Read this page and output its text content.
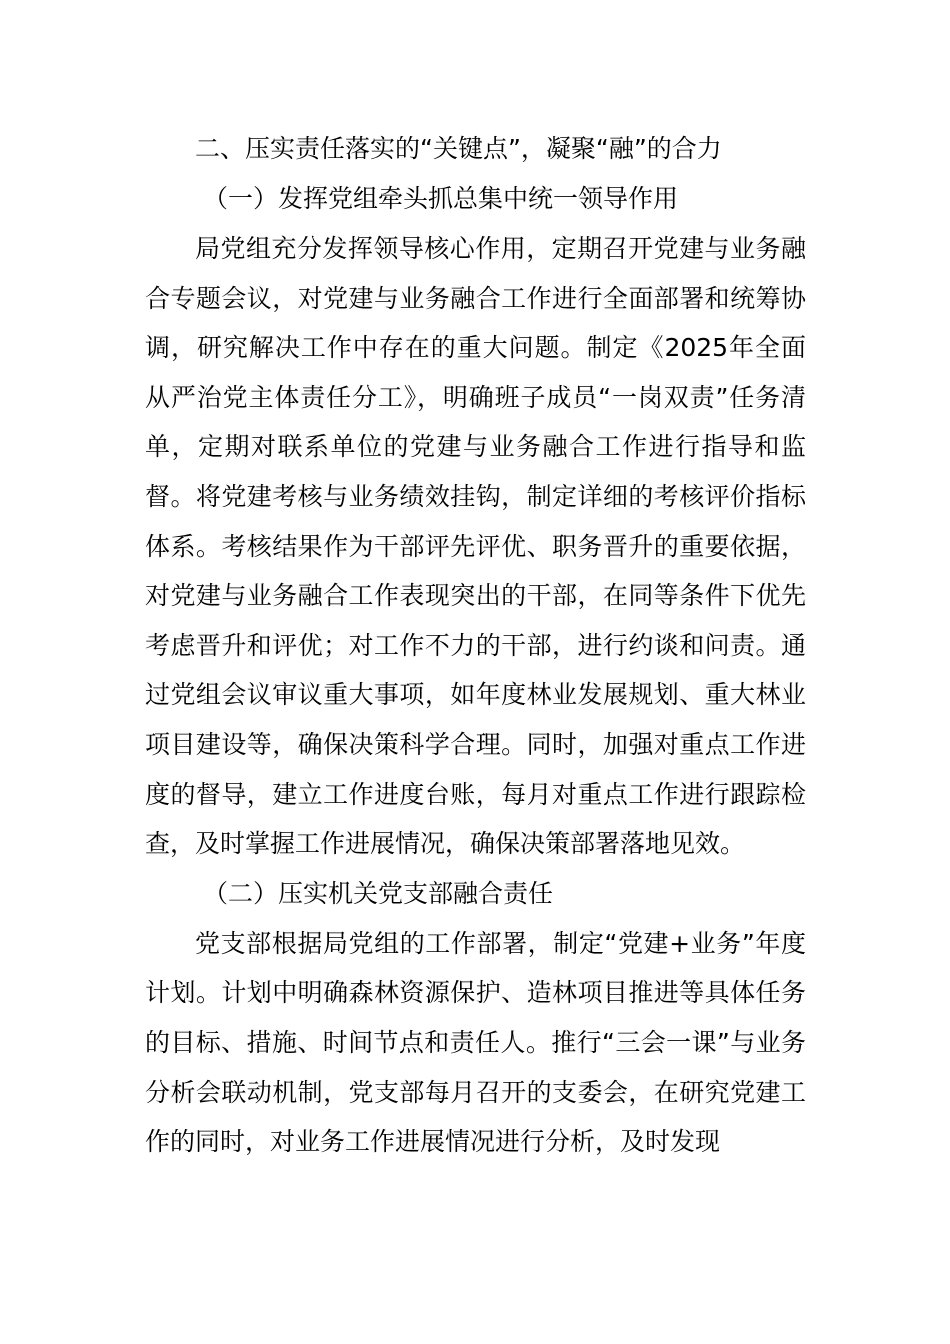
二、压实责任落实的“关键点”，凝聚“融”的合力

（一）发挥党组牵头抓总集中统一领导作用

局党组充分发挥领导核心作用，定期召开党建与业务融合专题会议，对党建与业务融合工作进行全面部署和统筹协调，研究解决工作中存在的重大问题。制定《2025年全面从严治党主体责任分工》，明确班子成员“一岗双责”任务清单，定期对联系单位的党建与业务融合工作进行指导和监督。将党建考核与业务绩效挂钩，制定详细的考核评价指标体系。考核结果作为干部评先评优、职务晋升的重要依据，对党建与业务融合工作表现突出的干部，在同等条件下优先考虑晋升和评优；对工作不力的干部，进行约谈和问责。通过党组会议审议重大事项，如年度林业发展规划、重大林业项目建设等，确保决策科学合理。同时，加强对重点工作进度的督导，建立工作进度台账，每月对重点工作进行跟踪检查，及时掌握工作进展情况，确保决策部署落地见效。

（二）压实机关党支部融合责任

党支部根据局党组的工作部署，制定“党建+业务”年度计划。计划中明确森林资源保护、造林项目推进等具体任务的目标、措施、时间节点和责任人。推行“三会一课”与业务分析会联动机制，党支部每月召开的支委会，在研究党建工作的同时，对业务工作进展情况进行分析，及时发现
